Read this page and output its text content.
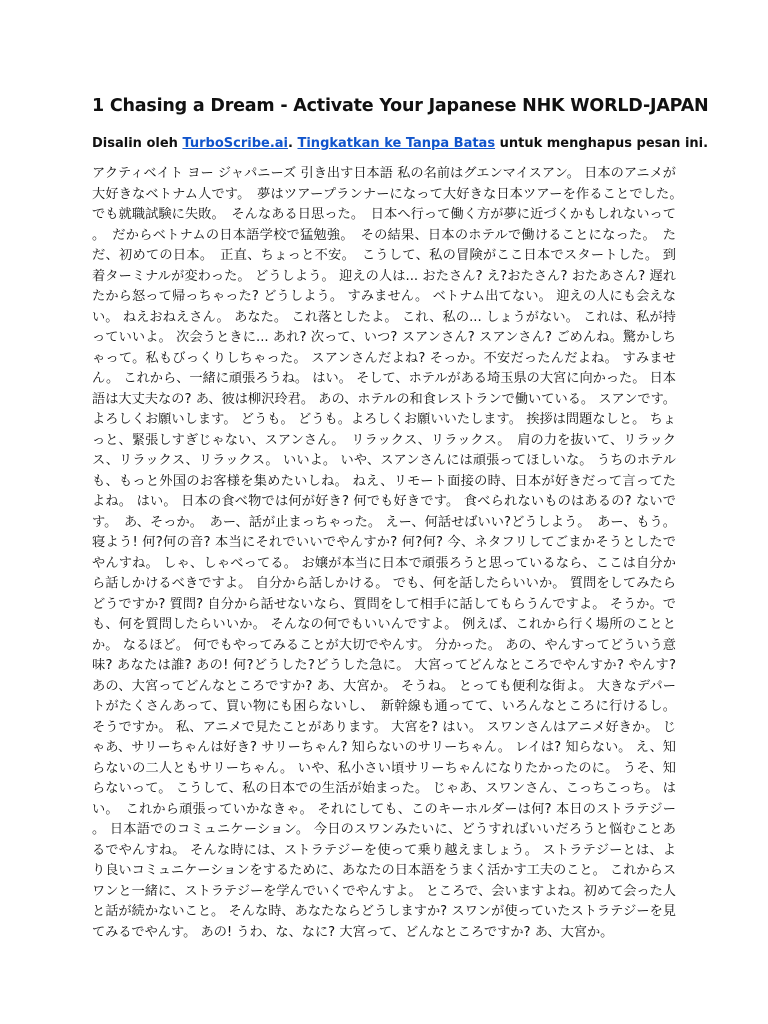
1 Chasing a Dream - Activate Your Japanese NHK WORLD-JAPAN

Disalin oleh TurboScribe.ai. Tingkatkan ke Tanpa Batas untuk menghapus pesan ini.

アクティベイト ヨー ジャパニーズ 引き出す日本語 私の名前はグエンマイスアン。 日本のアニメが大好きなベトナム人です。　夢はツアープランナーになって大好きな日本ツアーを作ることでした。　でも就職試験に失敗。　そんなある日思った。　日本へ行って働く方が夢に近づくかもしれないって。　だからベトナムの日本語学校で猛勉強。　その結果、日本のホテルで働けることになった。　ただ、初めての日本。　正直、ちょっと不安。　こうして、私の冒険がここ日本でスタートした。 到着ターミナルが変わった。 どうしよう。 迎えの人は... おたさん? え?おたさん? おたあさん? 遅れたから怒って帰っちゃった? どうしよう。 すみません。 ベトナム出てない。 迎えの人にも会えない。 ねえおねえさん。 あなた。 これ落としたよ。 これ、私の... しょうがない。 これは、私が持っていいよ。 次会うときに... あれ? 次って、いつ? スアンさん? スアンさん? ごめんね。驚かしちゃって。私もびっくりしちゃった。 スアンさんだよね? そっか。不安だったんだよね。 すみません。 これから、一緒に頑張ろうね。 はい。 そして、ホテルがある埼玉県の大宮に向かった。 日本語は大丈夫なの? あ、彼は柳沢玲君。 あの、ホテルの和食レストランで働いている。 スアンです。 よろしくお願いします。 どうも。 どうも。よろしくお願いいたします。 挨拶は問題なしと。 ちょっと、緊張しすぎじゃない、スアンさん。　リラックス、リラックス。　肩の力を抜いて、リラックス、リラックス、リラックス。 いいよ。 いや、スアンさんには頑張ってほしいな。 うちのホテルも、もっと外国のお客様を集めたいしね。 ねえ、リモート面接の時、日本が好きだって言ってたよね。 はい。 日本の食べ物では何が好き? 何でも好きです。 食べられないものはあるの? ないです。　あ、そっか。　あー、話が止まっちゃった。 えー、何話せばいい?どうしよう。　あー、もう。寝よう! 何?何の音? 本当にそれでいいでやんすか? 何?何? 今、ネタフリしてごまかそうとしたでやんすね。 しゃ、しゃべってる。 お嬢が本当に日本で頑張ろうと思っているなら、ここは自分から話しかけるべきですよ。 自分から話しかける。 でも、何を話したらいいか。 質問をしてみたらどうですか? 質問? 自分から話せないなら、質問をして相手に話してもらうんですよ。 そうか。でも、何を質問したらいいか。 そんなの何でもいいんですよ。 例えば、これから行く場所のこととか。 なるほど。 何でもやってみることが大切でやんす。 分かった。 あの、やんすってどういう意味? あなたは誰? あの! 何?どうした?どうした急に。 大宮ってどんなところでやんすか? やんす? あの、大宮ってどんなところですか? あ、大宮か。 そうね。 とっても便利な街よ。 大きなデパートがたくさんあって、買い物にも困らないし、　新幹線も通ってて、いろんなところに行けるし。 そうですか。 私、アニメで見たことがあります。 大宮を? はい。 スワンさんはアニメ好きか。 じゃあ、サリーちゃんは好き? サリーちゃん? 知らないのサリーちゃん。 レイは? 知らない。 え、知らないの二人ともサリーちゃん。 いや、私小さい頃サリーちゃんになりたかったのに。 うそ、知らないって。 こうして、私の日本での生活が始まった。 じゃあ、スワンさん、こっちこっち。 はい。　これから頑張っていかなきゃ。 それにしても、このキーホルダーは何? 本日のストラテジー。 日本語でのコミュニケーション。 今日のスワンみたいに、どうすればいいだろうと悩むことあるでやんすね。 そんな時には、ストラテジーを使って乗り越えましょう。 ストラテジーとは、より良いコミュニケーションをするために、あなたの日本語をうまく活かす工夫のこと。 これからスワンと一緒に、ストラテジーを学んでいくでやんすよ。 ところで、会いますよね。初めて会った人と話が続かないこと。 そんな時、あなたならどうしますか? スワンが使っていたストラテジーを見てみるでやんす。 あの! うわ、な、なに? 大宮って、どんなところですか? あ、大宮か。
